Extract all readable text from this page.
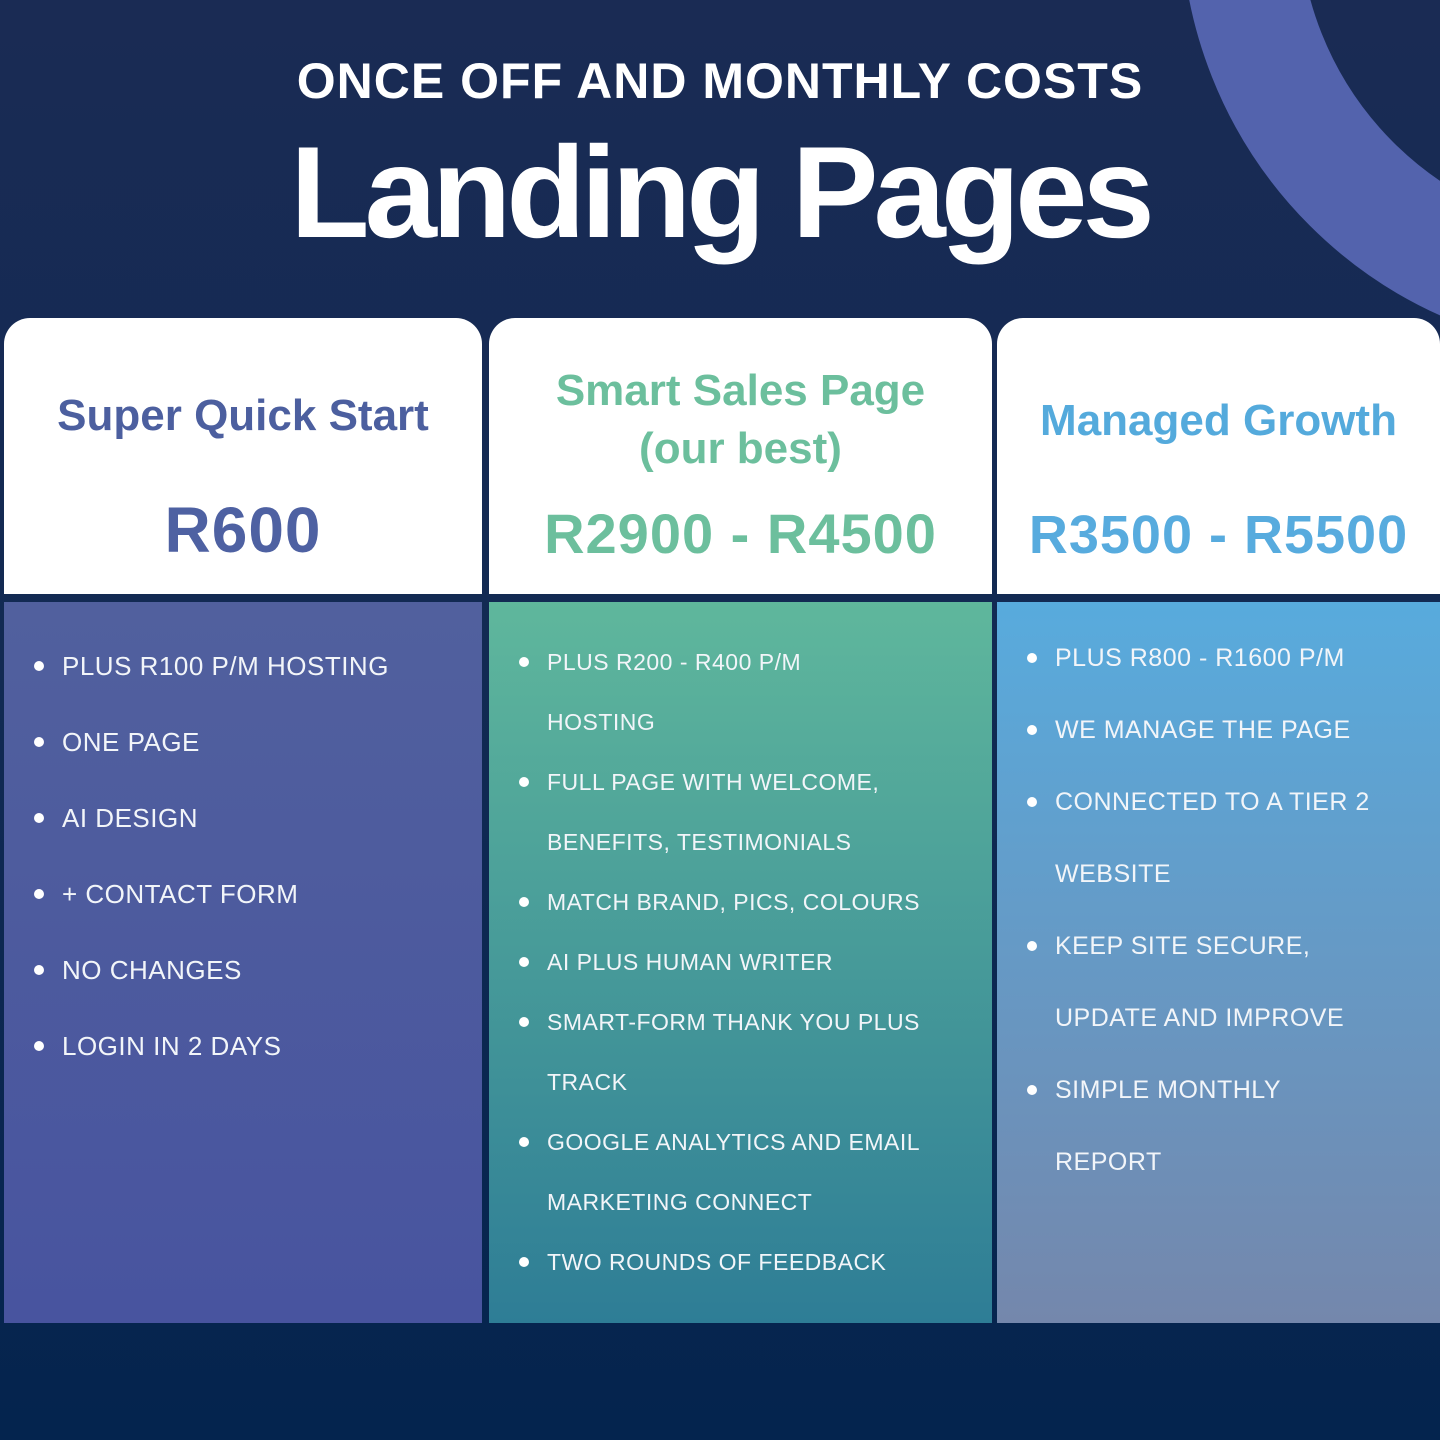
ONCE OFF AND MONTHLY COSTS
Landing Pages
Super Quick Start
R600
PLUS R100 P/M HOSTING
ONE PAGE
AI DESIGN
+ CONTACT FORM
NO CHANGES
LOGIN IN 2 DAYS
Smart Sales Page
(our best)
R2900 - R4500
PLUS R200 - R400 P/M
HOSTING
FULL PAGE WITH WELCOME,
BENEFITS, TESTIMONIALS
MATCH BRAND, PICS, COLOURS
AI PLUS HUMAN WRITER
SMART-FORM THANK YOU PLUS
TRACK
GOOGLE ANALYTICS AND EMAIL
MARKETING CONNECT
TWO ROUNDS OF FEEDBACK
Managed Growth
R3500 - R5500
PLUS R800 - R1600 P/M
WE MANAGE THE PAGE
CONNECTED TO A TIER 2
WEBSITE
KEEP SITE SECURE,
UPDATE AND IMPROVE
SIMPLE MONTHLY
REPORT
